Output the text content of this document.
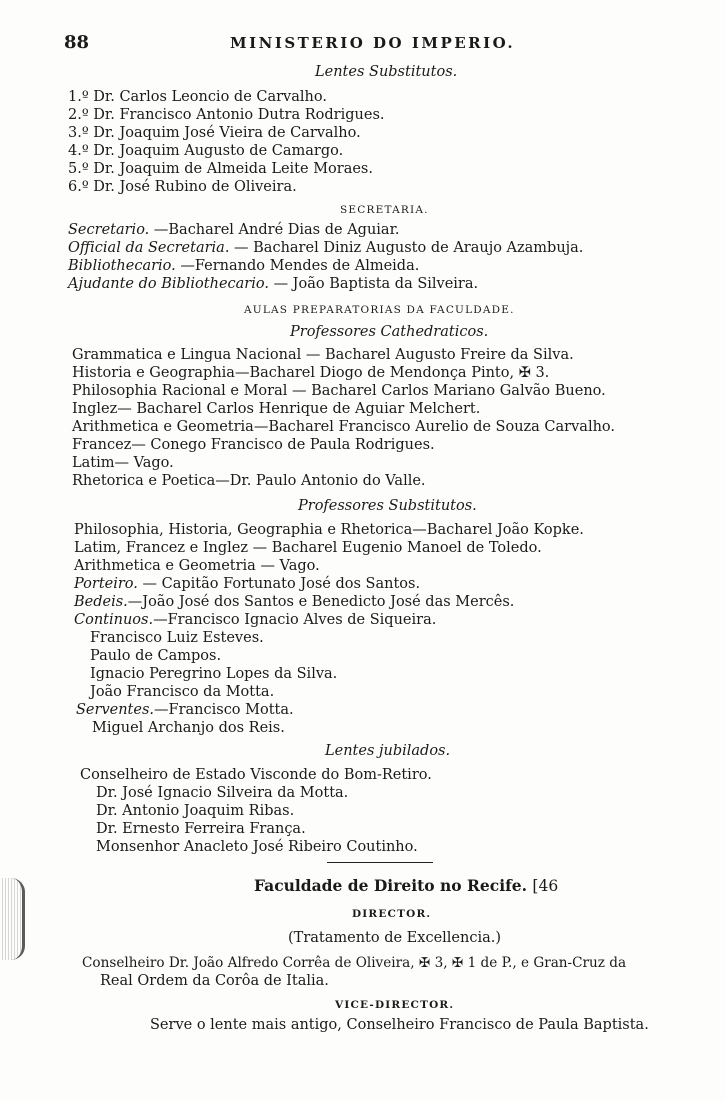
88	MINISTERIO DO IMPERIO.
Lentes Substitutos.
1.º Dr. Carlos Leoncio de Carvalho.
2.º Dr. Francisco Antonio Dutra Rodrigues.
3.º Dr. Joaquim José Vieira de Carvalho.
4.º Dr. Joaquim Augusto de Camargo.
5.º Dr. Joaquim de Almeida Leite Moraes.
6.º Dr. José Rubino de Oliveira.
SECRETARIA.
Secretario. —Bacharel André Dias de Aguiar.
Official da Secretaria. — Bacharel Diniz Augusto de Araujo Azambuja.
Bibliothecario. —Fernando Mendes de Almeida.
Ajudante do Bibliothecario. — João Baptista da Silveira.
AULAS PREPARATORIAS DA FACULDADE.
Professores Cathedraticos.
Grammatica e Lingua Nacional — Bacharel Augusto Freire da Silva.
Historia e Geographia—Bacharel Diogo de Mendonça Pinto, ✠ 3.
Philosophia Racional e Moral — Bacharel Carlos Mariano Galvão Bueno.
Inglez— Bacharel Carlos Henrique de Aguiar Melchert.
Arithmetica e Geometria—Bacharel Francisco Aurelio de Souza Carvalho.
Francez— Conego Francisco de Paula Rodrigues.
Latim— Vago.
Rhetorica e Poetica—Dr. Paulo Antonio do Valle.
Professores Substitutos.
Philosophia, Historia, Geographia e Rhetorica—Bacharel João Kopke.
Latim, Francez e Inglez — Bacharel Eugenio Manoel de Toledo.
Arithmetica e Geometria — Vago.
Porteiro. — Capitão Fortunato José dos Santos.
Bedeis.—João José dos Santos e Benedicto José das Mercês.
Continuos.—Francisco Ignacio Alves de Siqueira.
Francisco Luiz Esteves.
Paulo de Campos.
Ignacio Peregrino Lopes da Silva.
João Francisco da Motta.
Serventes.—Francisco Motta.
Miguel Archanjo dos Reis.
Lentes jubilados.
Conselheiro de Estado Visconde do Bom-Retiro.
Dr. José Ignacio Silveira da Motta.
Dr. Antonio Joaquim Ribas.
Dr. Ernesto Ferreira França.
Monsenhor Anacleto José Ribeiro Coutinho.
Faculdade de Direito no Recife. [46
DIRECTOR.
(Tratamento de Excellencia.)
Conselheiro Dr. João Alfredo Corrêa de Oliveira, ✠ 3, ✠ 1 de P., e Gran-Cruz da
Real Ordem da Corôa de Italia.
VICE-DIRECTOR.
Serve o lente mais antigo, Conselheiro Francisco de Paula Baptista.
